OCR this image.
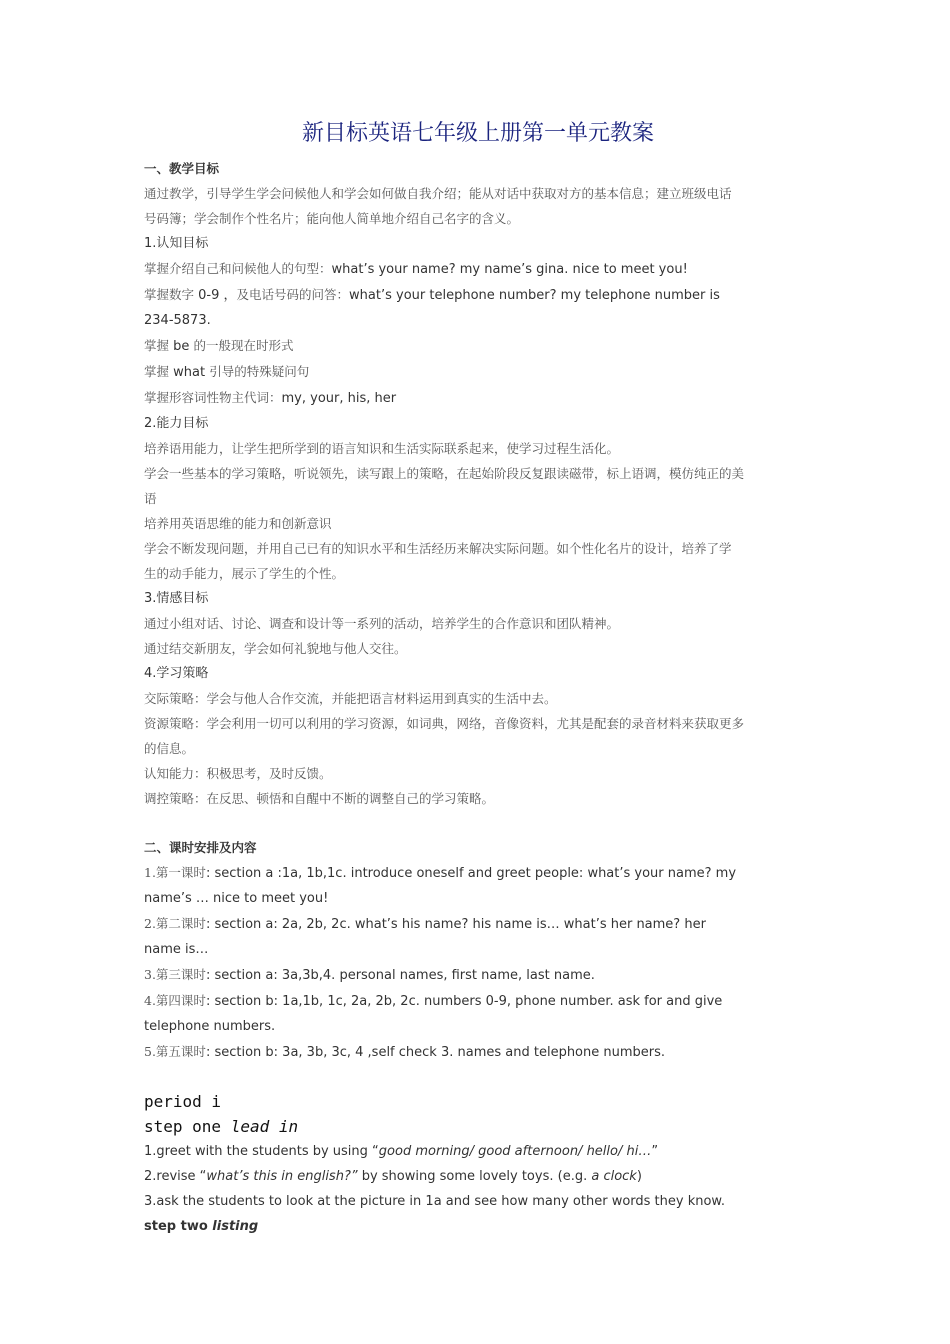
新目标英语七年级上册第一单元教案

一、教学目标

通过教学，引导学生学会问候他人和学会如何做自我介绍；能从对话中获取对方的基本信息；建立班级电话

号码簿；学会制作个性名片；能向他人简单地介绍自己名字的含义。

1.认知目标

掌握介绍自己和问候他人的句型：what’s your name? my name’s gina. nice to meet you!

掌握数字 0-9 ，及电话号码的问答：what’s your telephone number? my telephone number is

234-5873.

掌握 be 的一般现在时形式

掌握 what 引导的特殊疑问句

掌握形容词性物主代词：my, your, his, her

2.能力目标

培养语用能力，让学生把所学到的语言知识和生活实际联系起来，使学习过程生活化。

学会一些基本的学习策略，听说领先，读写跟上的策略，在起始阶段反复跟读磁带，标上语调，模仿纯正的美

语

培养用英语思维的能力和创新意识

学会不断发现问题，并用自己已有的知识水平和生活经历来解决实际问题。如个性化名片的设计，培养了学

生的动手能力，展示了学生的个性。

3.情感目标

通过小组对话、讨论、调查和设计等一系列的活动，培养学生的合作意识和团队精神。

通过结交新朋友，学会如何礼貌地与他人交往。

4.学习策略

交际策略：学会与他人合作交流，并能把语言材料运用到真实的生活中去。

资源策略：学会利用一切可以利用的学习资源，如词典，网络，音像资料，尤其是配套的录音材料来获取更多

的信息。

认知能力：积极思考，及时反馈。

调控策略：在反思、顿悟和自醒中不断的调整自己的学习策略。

二、课时安排及内容

1.第一课时: section a :1a, 1b,1c. introduce oneself and greet people: what’s your name? my

name’s … nice to meet you!

2.第二课时: section a: 2a, 2b, 2c. what’s his name? his name is… what’s her name? her

name is…

3.第三课时: section a: 3a,3b,4. personal names, first name, last name.

4.第四课时: section b: 1a,1b, 1c, 2a, 2b, 2c. numbers 0-9, phone number. ask for and give

telephone numbers.

5.第五课时: section b: 3a, 3b, 3c, 4 ,self check 3. names and telephone numbers.

period i

step one lead in

1.greet with the students by using “good morning/ good afternoon/ hello/ hi…”

2.revise “what’s this in english?” by showing some lovely toys. (e.g. a clock)

3.ask the students to look at the picture in 1a and see how many other words they know.

step two listing
